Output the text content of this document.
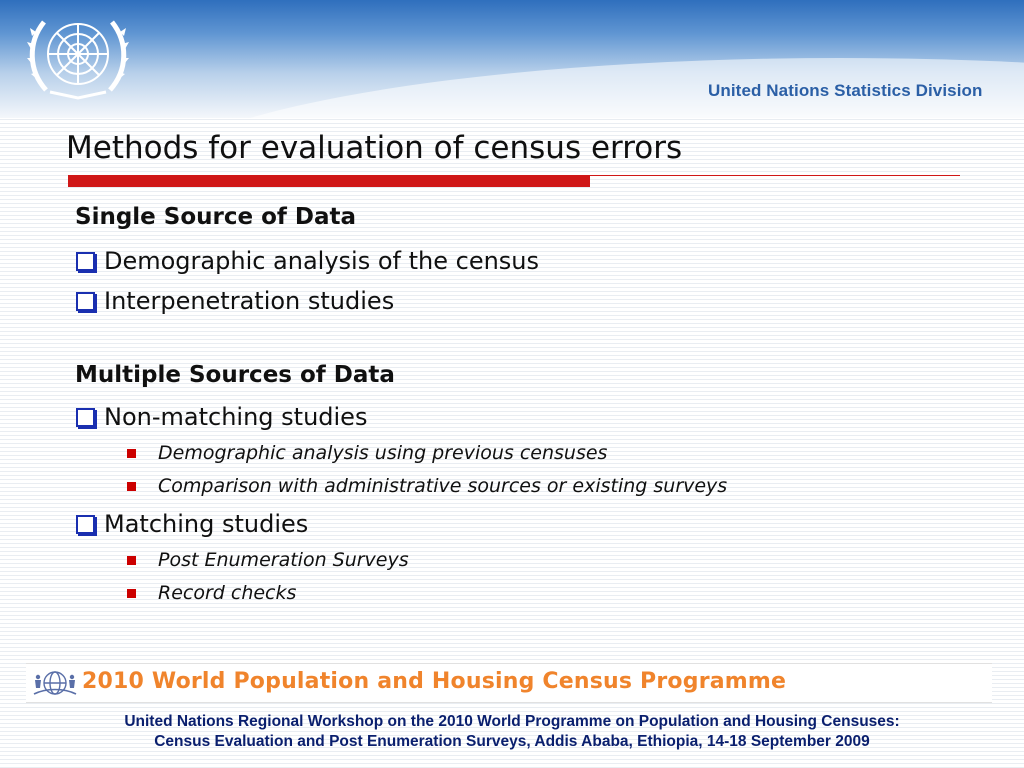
United Nations Statistics Division
Methods for evaluation of census errors
Single Source of Data
Demographic analysis of the census
Interpenetration studies
Multiple Sources of Data
Non-matching studies
Demographic analysis using previous censuses
Comparison with administrative sources or existing surveys
Matching studies
Post Enumeration Surveys
Record checks
2010 World Population and Housing Census Programme
United Nations Regional Workshop on the 2010 World Programme on Population and Housing Censuses:
Census Evaluation and Post Enumeration Surveys, Addis Ababa, Ethiopia, 14-18 September 2009
